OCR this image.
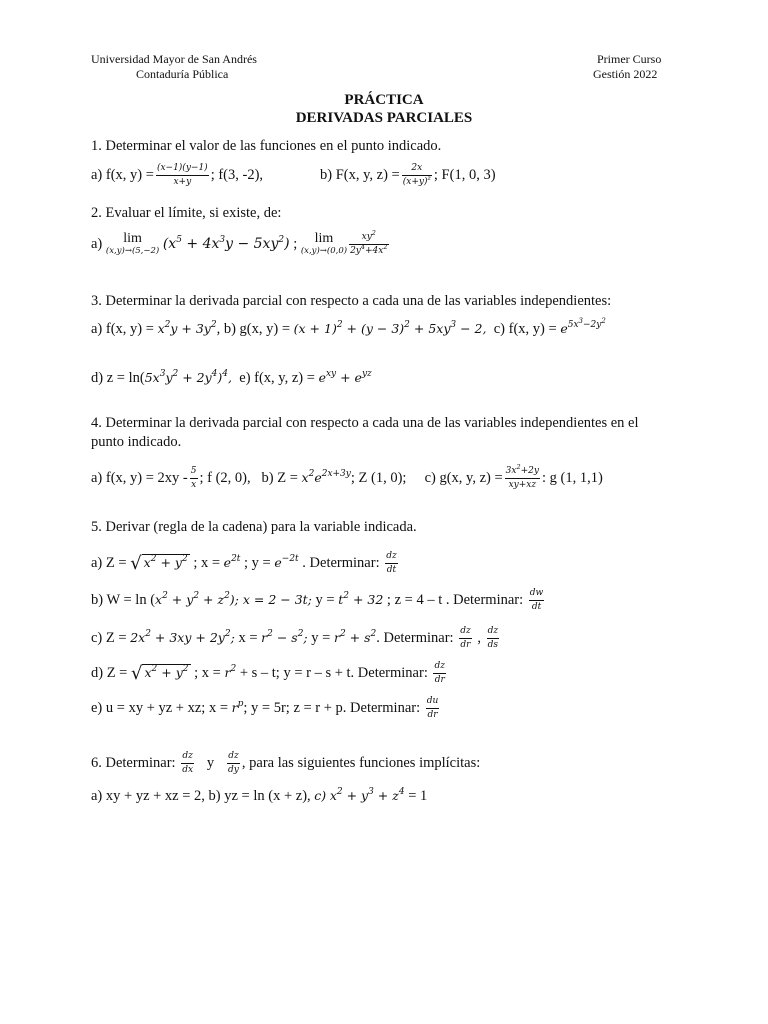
Universidad Mayor de San Andrés
Contaduría Pública
Primer Curso
Gestión 2022
PRÁCTICA
DERIVADAS PARCIALES
1. Determinar el valor de las funciones en el punto indicado.
a) f(x, $y) = \frac{(x-1)(y-1)}{x+y}$ ; f(3, -2),	b) F(x, y, $z) = \frac{2x}{(x+y)^z}$ ; F(1, 0, 3)
2. Evaluar el límite, si existe, de:
a)	lim
(x,y)→(5,−2) $(x^5 + 4x^3y - 5xy^2)$ ;	lim
$(x,y)\to(0,0) \frac{xy^2}{2y^4+4x^2}$
3. Determinar la derivada parcial con respecto a cada una de las variables independientes:
a) f(x, $y) = x^2y + 3y^2$, b) g(x, $y) = (x + 1)^2 + (y - 3)^2 + 5xy^3 - 2$, c) f(x, $y) = e^{5x^3-2y^2}$
d) $z = \ln(5x^3y^2 + 2y^4)^4$, e) f(x, y, $z) = e^{xy} + e^{yz}$
4. Determinar la derivada parcial con respecto a cada una de las variables independientes en el
punto indicado.
a) f(x, $y) = 2xy - \frac{5}{x}$ ; f (2, 0), b) $Z = x^2e^{2x+3y}$; Z (1, 0); c) g(x, y, $z) = \frac{3x^2+2y}{xy+xz}$ : g (1, 1,1)
5. Derivar (regla de la cadena) para la variable indicada.
a) Z = √ $x^2 + y^2$ ; $x = e^{2t}$ ; $y = e^{-2t}$ . Determinar: $\frac{dz}{dt}$
b) $W = \ln (x^2 + y^2 + z^2)$; x = 2 − 3t; $y = t^2 + 32$ ; z = 4 – t . Determinar: $\frac{dw}{dt}$
c) $Z = 2x^2 + 3xy + 2y^2$; $x = r^2 - s^2$; $y = r^2 + s^2$. Determinar: $\frac{dz}{dr}$ , $\frac{dz}{ds}$
d) Z = √ $x^2 + y^2$ ; $x = r^2 + s - t$; y = r – s + t. Determinar: $\frac{dz}{dr}$
e) u = xy + yz + xz; $x = r^p$; y = 5r; z = r + p. Determinar: $\frac{du}{dr}$
6. Determinar: $\frac{dz}{dx}$ y $\frac{dz}{dy}$ , para las siguientes funciones implícitas:
a) xy + yz + xz = 2, b) yz = ln (x + z), c) $x^2 + y^3 + z^4 = 1$
